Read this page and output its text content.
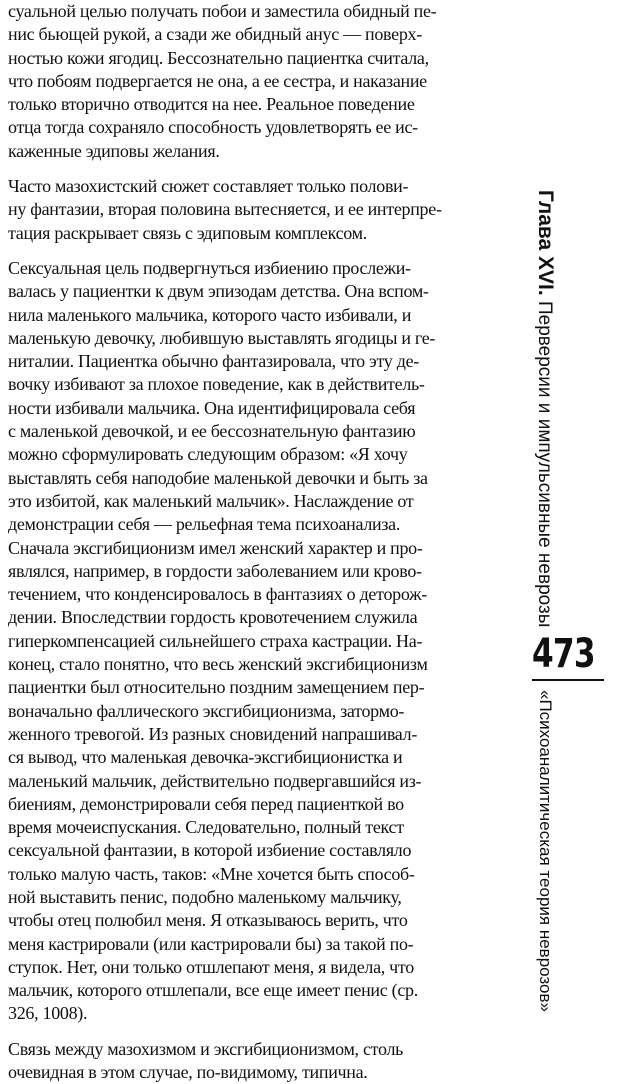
суальной целью получать побои и заместила обидный пе-
нис бьющей рукой, а сзади же обидный анус — поверх-
ностью кожи ягодиц. Бессознательно пациентка считала,
что побоям подвергается не она, а ее сестра, и наказание
только вторично отводится на нее. Реальное поведение
отца тогда сохраняло способность удовлетворять ее ис-
каженные эдиповы желания.
Часто мазохистский сюжет составляет только полови-
ну фантазии, вторая половина вытесняется, и ее интерпре-
тация раскрывает связь с эдиповым комплексом.
Сексуальная цель подвергнуться избиению прослежи-
валась у пациентки к двум эпизодам детства. Она вспом-
нила маленького мальчика, которого часто избивали, и
маленькую девочку, любившую выставлять ягодицы и ге-
ниталии. Пациентка обычно фантазировала, что эту де-
вочку избивают за плохое поведение, как в действитель-
ности избивали мальчика. Она идентифицировала себя
с маленькой девочкой, и ее бессознательную фантазию
можно сформулировать следующим образом: «Я хочу
выставлять себя наподобие маленькой девочки и быть за
это избитой, как маленький мальчик». Наслаждение от
демонстрации себя — рельефная тема психоанализа.
Сначала эксгибиционизм имел женский характер и про-
являлся, например, в гордости заболеванием или крово-
течением, что конденсировалось в фантазиях о деторож-
дении. Впоследствии гордость кровотечением служила
гиперкомпенсацией сильнейшего страха кастрации. На-
конец, стало понятно, что весь женский эксгибиционизм
пациентки был относительно поздним замещением пер-
воначально фаллического эксгибиционизма, затормо-
женного тревогой. Из разных сновидений напрашивал-
ся вывод, что маленькая девочка-эксгибиционистка и
маленький мальчик, действительно подвергавшийся из-
биениям, демонстрировали себя перед пациенткой во
время мочеиспускания. Следовательно, полный текст
сексуальной фантазии, в которой избиение составляло
только малую часть, таков: «Мне хочется быть способ-
ной выставить пенис, подобно маленькому мальчику,
чтобы отец полюбил меня. Я отказываюсь верить, что
меня кастрировали (или кастрировали бы) за такой по-
ступок. Нет, они только отшлепают меня, я видела, что
мальчик, которого отшлепали, все еще имеет пенис (ср.
326, 1008).
Связь между мазохизмом и эксгибиционизмом, столь
очевидная в этом случае, по-видимому, типична.
Глава XVI. Перверсии и импульсивные неврозы
473
«Психоаналитическая теория неврозов»
